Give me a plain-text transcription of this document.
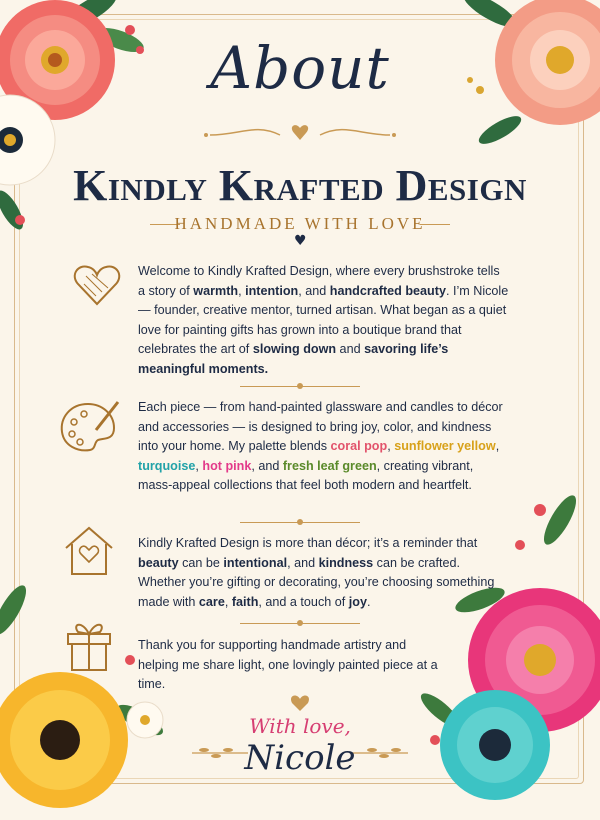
About
Kindly Krafted Design
HANDMADE WITH LOVE
♥
Welcome to Kindly Krafted Design, where every brushstroke tells a story of warmth, intention, and handcrafted beauty. I’m Nicole — founder, creative mentor, turned artisan. What began as a quiet love for painting gifts has grown into a boutique brand that celebrates the art of slowing down and savoring life’s meaningful moments.
Each piece — from hand-painted glassware and candles to décor and accessories — is designed to bring joy, color, and kindness into your home. My palette blends coral pop, sunflower yellow, turquoise, hot pink, and fresh leaf green, creating vibrant, mass-appeal collections that feel both modern and heartfelt.
Kindly Krafted Design is more than décor; it’s a reminder that beauty can be intentional, and kindness can be crafted. Whether you’re gifting or decorating, you’re choosing something made with care, faith, and a touch of joy.
Thank you for supporting handmade artistry and helping me share light, one lovingly painted piece at a time.
With love,
Nicole
